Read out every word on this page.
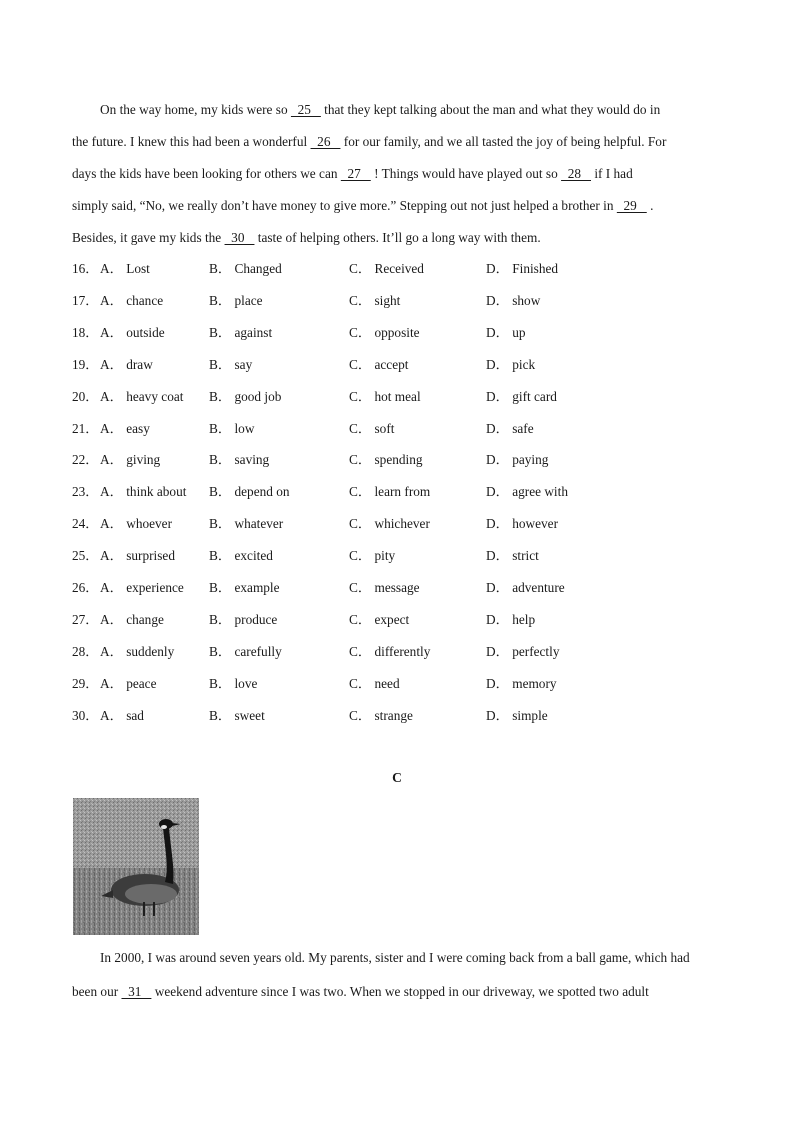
On the way home, my kids were so   25    that they kept talking about the man and what they would do in
the future. I knew this had been a wonderful   26    for our family, and we all tasted the joy of being helpful. For
days the kids have been looking for others we can   27    ! Things would have played out so   28    if I had
simply said, “No, we really don’t have money to give more.” Stepping out not just helped a brother in   29    .
Besides, it gave my kids the   30    taste of helping others. It’ll go a long way with them.
16． A． Lost	B． Changed	C． Received	D． Finished
17． A． chance	B． place	C． sight	D． show
18． A． outside	B． against	C． opposite	D． up
19． A． draw	B． say	C． accept	D． pick
20． A． heavy coat B． good job	C． hot meal	D． gift card
21． A． easy	B． low	C． soft	D． safe
22． A． giving	B． saving	C． spending	D． paying
23． A． think about B． depend on	C． learn from	D． agree with
24． A． whoever	B． whatever	C． whichever	D． however
25． A． surprised	B． excited	C． pity	D． strict
26． A． experience B． example	C． message	D． adventure
27． A． change	B． produce	C． expect	D． help
28． A． suddenly	B． carefully	C． differently	D． perfectly
29． A． peace	B． love	C． need	D． memory
30． A． sad	B． sweet	C． strange	D． simple
C
In 2000, I was around seven years old. My parents, sister and I were coming back from a ball game, which had
been our   31    weekend adventure since I was two. When we stopped in our driveway, we spotted two adult
